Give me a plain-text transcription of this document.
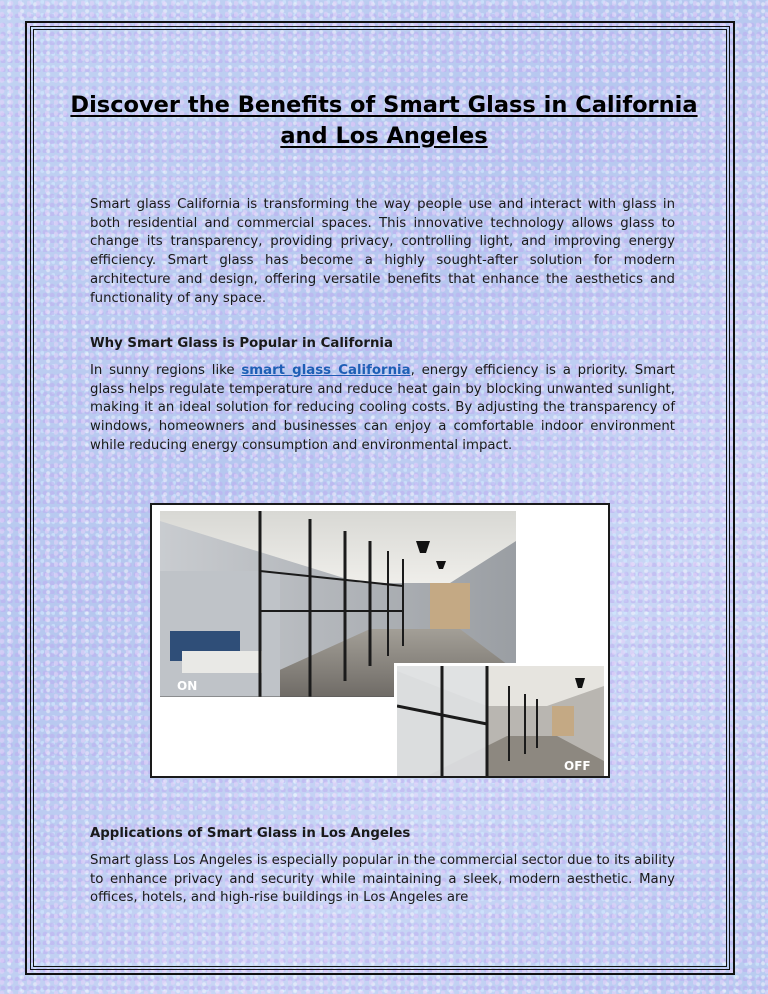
Discover the Benefits of Smart Glass in California and Los Angeles

Smart glass California is transforming the way people use and interact with glass in both residential and commercial spaces. This innovative technology allows glass to change its transparency, providing privacy, controlling light, and improving energy efficiency. Smart glass has become a highly sought-after solution for modern architecture and design, offering versatile benefits that enhance the aesthetics and functionality of any space.

Why Smart Glass is Popular in California

In sunny regions like smart glass California, energy efficiency is a priority. Smart glass helps regulate temperature and reduce heat gain by blocking unwanted sunlight, making it an ideal solution for reducing cooling costs. By adjusting the transparency of windows, homeowners and businesses can enjoy a comfortable indoor environment while reducing energy consumption and environmental impact.

ON
OFF

Applications of Smart Glass in Los Angeles

Smart glass Los Angeles is especially popular in the commercial sector due to its ability to enhance privacy and security while maintaining a sleek, modern aesthetic. Many offices, hotels, and high-rise buildings in Los Angeles are
